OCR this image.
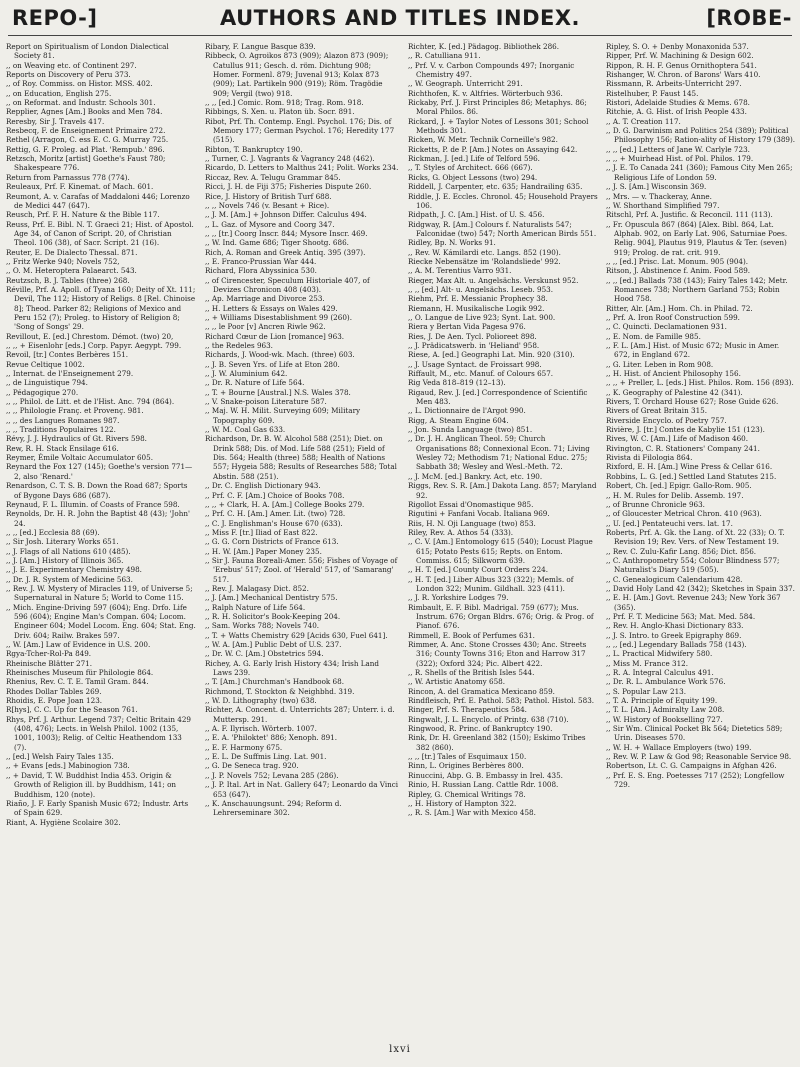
AUTHORS AND TITLES INDEX.
REPO-]	[ROBE-

Report on Spiritualism of London Dialectical Society 81.

,, on Weaving etc. of Continent 297.

Reports on Discovery of Peru 373.

,, of Roy. Commiss. on Histor. MSS. 402.

,, on Education, English 275.

,, on Reformat. and Industr. Schools 301.

Repplier, Agnes [Am.] Books and Men 784.

Reresby, Sir J. Travels 417.

Resbecq, F. de Enseignement Primaire 272.

Rethel (Arragon, C. ess E. C. G. Murray 725.

Rettig, G. F. Proleg. ad Plat. 'Rempub.' 896.

Retzsch, Moritz [artist] Goethe's Faust 780; Shakespeare 776.

Return from Parnassus 778 (774).

Reuleaux, Prf. F. Kinemat. of Mach. 601.

Reumont, A. v. Carafas of Maddaloni 446; Lorenzo de Medici 447 (647).

Reusch, Prf. F. H. Nature & the Bible 117.

Reuss, Prf. E. Bibl. N. T. Graeci 21; Hist. of Apostol. Age 34, of Canon of Script. 20, of Christian Theol. 106 (38), of Sacr. Script. 21 (16).

Reuter, E. De Dialecto Thessal. 871.

,, Fritz Werke 940; Novels 752,

,, O. M. Heteroptera Palaearct. 543.

Reutzsch, B. J. Tables (three) 268.

Réville, Prf. A. Apoll. of Tyana 160; Deity of Xt. 111; Devil, The 112; History of Religs. 8 [Rel. Chinoise 8]; Theod. Parker 82; Religions of Mexico and Peru 152 (7); Proleg. to History of Religion 8; 'Song of Songs' 29.

Revillout, E. [ed.] Chrestom. Démot. (two) 20,

,, ,, + Eisenlohr [eds.] Corp. Papyr. Aegypt. 799.

Revoil, [tr.] Contes Berbères 151.

Revue Celtique 1002.

,, Internat. de l'Enseignement 279.

,, de Linguistique 794.

,, Pédagogique 270.

,, ,, Philol. de Litt. et de l'Hist. Anc. 794 (864).

,, ,, Philologie Franç. et Provenç. 981.

,, ,, des Langues Romanes 987.

,, ,, Traditions Populaires 122.

Révy, J. J. Hydraulics of Gt. Rivers 598.

Rew, R. H. Stack Ensilage 616.

Reymer, Émile Voltaic Accumulator 605.

Reynard the Fox 127 (145); Goethe's version 771—2, also 'Renard.'

Renardson, C. T. S. B. Down the Road 687; Sports of Bygone Days 686 (687).

Reynaud, F. L. Illumin. of Coasts of France 598.

Reynolds, Dr. H. R. John the Baptist 48 (43); 'John' 24.

,, ,, [ed.] Ecclesia 88 (69).

,, Sir Josh. Literary Works 651.

,, J. Flags of all Nations 610 (485).

,, J. [Am.] History of Illinois 365.

,, J. E. Experimentary Chemistry 498.

,, Dr. J. R. System of Medicine 563.

,, Rev. J. W. Mystery of Miracles 119, of Universe 5; Supernatural in Nature 5; World to Come 115.

,, Mich. Engine-Driving 597 (604); Eng. Drfo. Life 596 (604); Engine Man's Compan. 604; Locom. Engineer 604; Model Locom. Eng. 604; Stat. Eng. Driv. 604; Railw. Brakes 597.

,, W. [Am.] Law of Evidence in U.S. 200.

Rgya-Tcher-Rol-Pa 849.

Rheinische Blätter 271.

Rheinisches Museum für Philologie 864.

Rhenius, Rev. C. T. E. Tamil Gram. 844.

Rhodes Dollar Tables 269.

Rhoidis, E. Pope Joan 123.

R[hys], C. C. Up for the Season 761.

Rhys, Prf. J. Arthur. Legend 737; Celtic Britain 429 (408, 476); Lects. in Welsh Philol. 1002 (135, 1001, 1003); Relig. of Celtic Heathendom 133 (7).

,, [ed.] Welsh Fairy Tales 135.

,, + Evans [eds.] Mabinogion 738.

,, + David, T. W. Buddhist India 453. Origin & Growth of Religion ill. by Buddhism, 141; on Buddhism, 120 (note).

Riaño, J. F. Early Spanish Music 672; Industr. Arts of Spain 629.

Riant, A. Hygiène Scolaire 302.

Ribary, F. Langue Basque 839.

Ribbeck, O. Agroikos 873 (909); Alazon 873 (909); Catullus 911; Gesch. d. röm. Dichtung 908; Homer. Formenl. 879; Juvenal 913; Kolax 873 (909); Lat. Partikeln 900 (919); Röm. Tragödie 909; Vergil (two) 918.

,, ,, [ed.] Comic. Rom. 918; Trag. Rom. 918.

Ribbings, S. Xen. u. Platon üb. Socr. 891.

Ribot, Prf. Th. Contemp. Engl. Psychol. 176; Dis. of Memory 177; German Psychol. 176; Heredity 177 (515).

Ribton, T. Bankruptcy 190.

,, Turner, C. J. Vagrants & Vagrancy 248 (462).

Ricardo, D. Letters to Malthus 241; Polit. Works 234.

Riccaz, Rev. A. Telugu Grammar 845.

Ricci, J. H. de Fiji 375; Fisheries Dispute 260.

Rice, J. History of British Turf 688.

,, ,, Novels 746 (v. Besant + Rice).

,, J. M. [Am.] + Johnson Differ. Calculus 494.

,, L. Gaz. of Mysore and Coorg 347.

,, ,, [tr.] Coorg Inscr. 844; Mysore Inscr. 469.

,, W. Ind. Game 686; Tiger Shootg. 686.

Rich, A. Roman and Greek Antiq. 395 (397).

,, E. Franco-Prussian War 444.

Richard, Flora Abyssinica 530.

,, of Cirencester, Speculum Historiale 407, of Devizes Chronicon 408 (403).

,, Ap. Marriage and Divorce 253.

,, H. Letters & Essays on Wales 429.

,, + Williams Disestablishment 99 (260).

,, ,, le Poor [v] Ancren Riwle 962.

Richard Cœur de Lion [romance] 963.

,, the Redeles 963.

Richards, J. Wood-wk. Mach. (three) 603.

,, J. B. Seven Yrs. of Life at Eton 280.

,, J. W. Aluminium 642.

,, Dr. R. Nature of Life 564.

,, T. + Bourne [Austral.] N.S. Wales 378.

,, V. Snake-poison Literature 587.

,, Maj. W. H. Milit. Surveying 609; Military Topography 609.

,, W. M. Coal Gas 633.

Richardson, Dr. B. W. Alcohol 588 (251); Diet. on Drink 588; Dis. of Mod. Life 588 (251); Field of Dis. 564; Health (three) 588; Health of Nations 557; Hygeia 588; Results of Researches 588; Total Abstin. 588 (251).

,, Dr. C. English Dictionary 943.

,, Prf. C. F. [Am.] Choice of Books 708.

,, ,, + Clark, H. A. [Am.] College Books 279.

,, Prf. C. H. [Am.] Amer. Lit. (two) 728.

,, C. J. Englishman's House 670 (633).

,, Miss F. [tr.] Iliad of East 822.

,, G. G. Corn Districts of France 613.

,, H. W. [Am.] Paper Money 235.

,, Sir J. Fauna Boreali-Amer. 556; Fishes of Voyage of 'Erebus' 517; Zool. of 'Herald' 517, of 'Samarang' 517.

,, Rev. J. Malagasy Dict. 852.

,, J. [Am.] Mechanical Dentistry 575.

,, Ralph Nature of Life 564.

,, R. H. Solicitor's Book-Keeping 204.

,, Sam. Works 788; Novels 740.

,, T. + Watts Chemistry 629 [Acids 630, Fuel 641].

,, W. A. [Am.] Public Debt of U.S. 237.

,, Dr. W. C. [Am.] Obstetrics 594.

Richey, A. G. Early Irish History 434; Irish Land Laws 239.

,, T. [Am.] Churchman's Handbook 68.

Richmond, T. Stockton & Neighbhd. 319.

,, W. D. Lithography (two) 638.

Richter, A. Concent. d. Unterrichts 287; Unterr. i. d. Muttersp. 291.

,, A. F. Ilyrisch. Wörterb. 1007.

,, E. A. 'Philoktet' 886; Xenoph. 891.

,, E. F. Harmony 675.

,, E. L. De Suffmis Ling. Lat. 901.

,, G. De Seneca trag. 920.

,, J. P. Novels 752; Levana 285 (286).

,, J. P. Ital. Art in Nat. Gallery 647; Leonardo da Vinci 653 (647).

,, K. Anschauungsunt. 294; Reform d. Lehrerseminare 302.

Richter, K. [ed.] Pädagog. Bibliothek 286.

,, R. Catulliana 911.

,, Prf. V. v. Carbon Compounds 497; Inorganic Chemistry 497.

,, W. Geograph. Unterricht 291.

Richthofen, K. v. Altfries. Wörterbuch 936.

Rickaby, Prf. J. First Principles 86; Metaphys. 86; Moral Philos. 86.

Rickard, J. + Taylor Notes of Lessons 301; School Methods 301.

Ricken, W. Metr. Technik Corneille's 982.

Ricketts, P. de P. [Am.] Notes on Assaying 642.

Rickman, J. [ed.] Life of Telford 596.

,, T. Styles of Architect. 666 (667).

Ricks, G. Object Lessons (two) 294.

Riddell, J. Carpenter, etc. 635; Handrailing 635.

Riddle, J. E. Eccles. Chronol. 45; Household Prayers 106.

Ridpath, J. C. [Am.] Hist. of U. S. 456.

Ridgway, R. [Am.] Colours f. Naturalists 547; Falconidae (two) 547; North American Birds 551.

Ridley, Bp. N. Works 91.

,, Rev. W. Kámilardi etc. Langs. 852 (190).

Riecke Nebensätze im 'Rolandsliede' 992.

,, A. M. Terentius Varro 931.

Rieger, Max Alt. u. Angelsächs. Verskunst 952.

,, ,, [ed.] Alt- u. Angelsächs. Leseb. 953.

Riehm, Prf. E. Messianic Prophecy 38.

Riemann, H. Musikalische Logik 992.

,, O. Langue de Live 923; Synt. Lat. 900.

Riera y Bertan Vida Pagesa 976.

Ries, J. De Aen. Tycl. Polioreet 898.

,, J. Prädicatswerb. in 'Heliand' 958.

Riese, A. [ed.] Geographi Lat. Min. 920 (310).

,, J. Usage Syntact. de Froissart 998.

Riffault, M., etc. Manuf. of Colours 657.

Rig Veda 818–819 (12–13).

Rigaud, Rev. J. [ed.] Correspondence of Scientific Men 483.

,, L. Dictionnaire de l'Argot 990.

Rigg, A. Steam Engine 604.

,, Jon. Sunda Language (two) 851.

,, Dr. J. H. Anglican Theol. 59; Church Organisations 88; Connexional Econ. 71; Living Wesley 72; Methodism 71; National Educ. 275; Sabbath 38; Wesley and Wesl.-Meth. 72.

,, J. McM. [ed.] Bankry. Act, etc. 190.

Riggs, Rev. S. R. [Am.] Dakota Lang. 857; Maryland 92.

Rigollot Essai d'Onomastique 985.

Rigutini + Fanfani Vocab. Italiana 969.

Riis, H. N. Oji Language (two) 853.

Riley, Rev. A. Athos 54 (333).

,, C. V. [Am.] Entomology 615 (540); Locust Plague 615; Potato Pests 615; Repts. on Entom. Commiss. 615; Silkworm 639.

,, H. T. [ed.] County Court Orders 224.

,, H. T. [ed.] Liber Albus 323 (322); Memls. of London 322; Munim. Gildhall. 323 (411).

,, J. R. Yorkshire Lodges 79.

Rimbault, E. F. Bibl. Madrigal. 759 (677); Mus. Instrum. 676; Organ Bldrs. 676; Orig. & Prog. of Pianof. 676.

Rimmell, E. Book of Perfumes 631.

Rimmer, A. Anc. Stone Crosses 430; Anc. Streets 316; County Towns 316; Eton and Harrow 317 (322); Oxford 324; Pic. Albert 422.

,, R. Shells of the British Isles 544.

,, W. Artistic Anatomy 658.

Rincon, A. del Gramatica Mexicano 859.

Rindfleisch, Prf. E. Pathol. 583; Pathol. Histol. 583.

Ringer, Prf. S. Therapeutics 584.

Ringwalt, J. L. Encyclo. of Printg. 638 (710).

Ringwood, R. Princ. of Bankruptcy 190.

Rink, Dr. H. Greenland 382 (150); Eskimo Tribes 382 (860).

,, ,, [tr.] Tales of Esquimaux 150.

Rinn, L. Origines Berbères 800.

Rinuccini, Abp. G. B. Embassy in Irel. 435.

Rinio, H. Russian Lang. Cattle Rdr. 1008.

Ripley, G. Chemical Writings 78.

,, H. History of Hampton 322.

,, R. S. [Am.] War with Mexico 458.

Ripley, S. O. + Denby Monaxonida 537.

Ripper, Prf. W. Machining & Design 602.

Rippon, R. H. F. Genus Ornithoptera 541.

Rishanger, W. Chron. of Barons' Wars 410.

Rissmann, R. Arbeits-Unterricht 297.

Ristelhuber, P. Faust 145.

Ristori, Adelaide Studies & Mems. 678.

Ritchie, A. G. Hist. of Irish People 433.

,, A. T. Creation 117.

,, D. G. Darwinism and Politics 254 (389); Political Philosophy 156; Ration-ality of History 179 (389).

,, ,, [ed.] Letters of Jane W. Carlyle 723.

,, ,, + Muirhead Hist. of Pol. Philos. 179.

,, J. E. To Canada 241 (360); Famous City Men 265; Religious Life of London 59.

,, J. S. [Am.] Wisconsin 369.

,, Mrs. — v. Thackeray, Anne.

,, W. Shorthand Simplified 797.

Ritschl, Prf. A. Justific. & Reconcil. 111 (113).

,, Fr. Opuscula 867 (864) [Alex. Bibl. 864, Lat. Alphab. 902, on Early Lat. 906, Saturniae Poes. Relig. 904], Plautus 919, Plautus & Ter. (seven) 919; Prolog. de rat. crit. 919.

,, ,, [ed.] Prisc. Lat. Monum. 905 (904).

Ritson, J. Abstinence f. Anim. Food 589.

,, ,, [ed.] Ballads 738 (143); Fairy Tales 142; Metr. Romances 738; Northern Garland 753; Robin Hood 758.

Ritter, Alr. [Am.] Hom. Ch. in Philad. 72.

,, Prf. A. Iron Roof Construction 599.

,, C. Quincti. Declamationen 931.

,, E. Nom. de Famille 985.

,, F. L. [Am.] Hist. of Music 672; Music in Amer. 672, in England 672.

,, G. Liter. Leben in Rom 908.

,, H. Hist. of Ancient Philosophy 156.

,, ,, + Preller, L. [eds.] Hist. Philos. Rom. 156 (893).

,, K. Geography of Palestine 42 (341).

Rivers, T. Orchard House 627; Rose Guide 626.

Rivers of Great Britain 315.

Riverside Encyclo. of Poetry 757.

Rivière, J. [tr.] Contes de Kabylie 151 (123).

Rives, W. C. [Am.] Life of Madison 460.

Rivington, C. R. Stationers' Company 241.

Rivista di Filologia 864.

Rixford, E. H. [Am.] Wine Press & Cellar 616.

Robbins, L. G. [ed.] Settled Land Statutes 215.

Robert, Ch. [ed.] Epigr. Gallo-Rom. 905.

,, H. M. Rules for Delib. Assemb. 197.

,, of Brunne Chronicle 963.

,, of Gloucester Metrical Chron. 410 (963).

,, U. [ed.] Pentateuchi vers. lat. 17.

Roberts, Prf. A. Gk. the Lang. of Xt. 22 (33); O. T. Revision 19; Rev. Vers. of New Testament 19.

,, Rev. C. Zulu-Kafir Lang. 856; Dict. 856.

,, C. Anthropometry 554; Colour Blindness 577; Naturalist's Diary 519 (505).

,, C. Genealogicum Calendarium 428.

,, David Holy Land 42 (342); Sketches in Spain 337.

,, E. H. [Am.] Govt. Revenue 243; New York 367 (365).

,, Prf. F. T. Medicine 563; Mat. Med. 584.

,, Rev. H. Anglo-Khasi Dictionary 833.

,, J. S. Intro. to Greek Epigraphy 869.

,, ,, [ed.] Legendary Ballads 758 (143).

,, L. Practical Midwifery 580.

,, Miss M. France 312.

,, R. A. Integral Calculus 491.

,, Dr. R. L. Ambulance Work 576.

,, S. Popular Law 213.

,, T. A. Principle of Equity 199.

,, T. L. [Am.] Admiralty Law 208.

,, W. History of Bookselling 727.

,, Sir Wm. Clinical Pocket Bk 564; Dietetics 589; Urin. Diseases 570.

,, W. H. + Wallace Employers (two) 199.

,, Rev. W. P. Law & God 98; Reasonable Service 98.

Robertson, Lt. C. G. Campaigns in Afghan 426.

,, Prf. E. S. Eng. Poetesses 717 (252); Longfellow 729.

lxvi
